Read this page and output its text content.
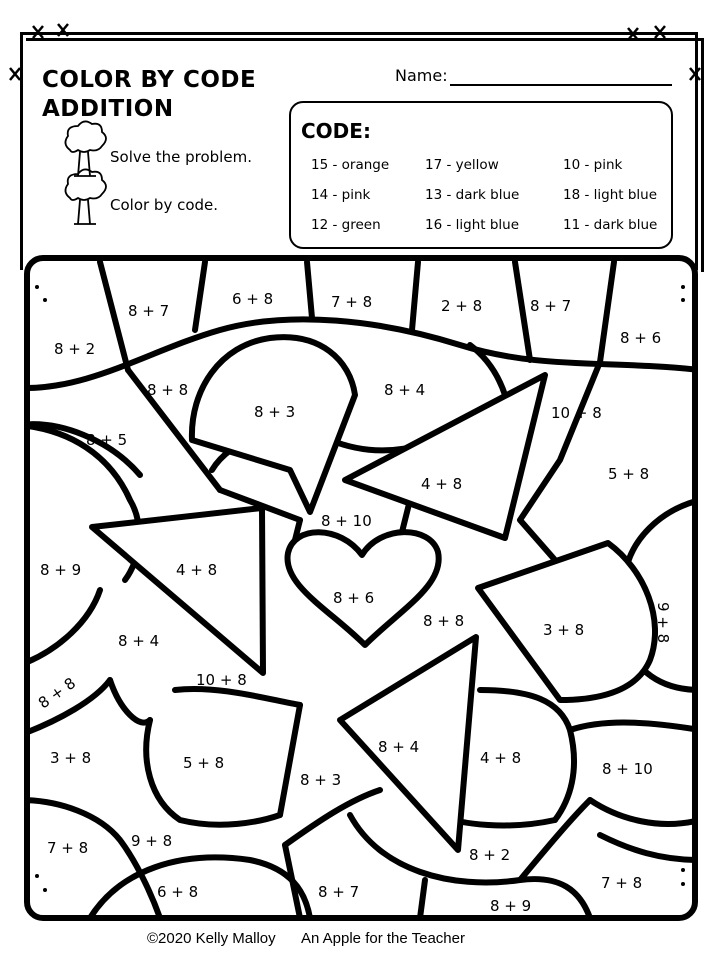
COLOR BY CODE
ADDITION
Name:
Solve the problem.
Color by code.
CODE:
15 - orange	17 - yellow	10 - pink
14 - pink	13 - dark blue	18 - light blue
12 - green	16 - light blue	11 - dark blue
8 + 7
6 + 8	7 + 8	2 + 8	8 + 7
8 + 6
8 + 2
8 + 8
8 + 3
8 + 4
10 + 8
8 + 5
4 + 8
5 + 8
8 + 10
8 + 9	4 + 8
8 + 6
8 + 8	3 + 8	9 + 8
8 + 4
8 + 8	10 + 8
3 + 8	5 + 8
8 + 4
4 + 8
8 + 3
8 + 10
7 + 8	9 + 8
8 + 2
6 + 8	8 + 7
8 + 9
7 + 8
©2020 Kelly Malloy An Apple for the Teacher
